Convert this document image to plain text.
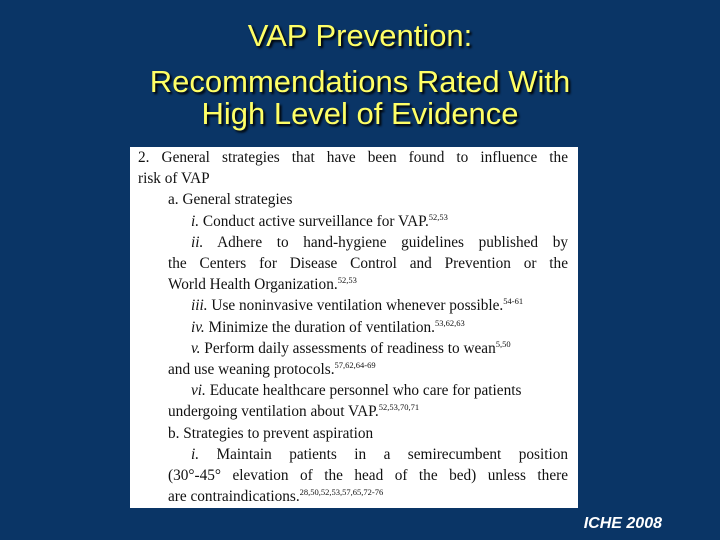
VAP Prevention:
Recommendations Rated With
High Level of Evidence
2. General strategies that have been found to influence the
risk of VAP
a. General strategies
i. Conduct active surveillance for VAP.$^{52,53}$
ii. Adhere to hand-hygiene guidelines published by
the Centers for Disease Control and Prevention or the
World Health Organization.$^{52,53}$
iii. Use noninvasive ventilation whenever possible.$^{54-61}$
iv. Minimize the duration of ventilation.$^{53,62,63}$
v. Perform daily assessments of readiness to wean$^{5,50}$
and use weaning protocols.$^{57,62,64-69}$
vi. Educate healthcare personnel who care for patients
undergoing ventilation about VAP.$^{52,53,70,71}$
b. Strategies to prevent aspiration
i. Maintain patients in a semirecumbent position
(30°-45° elevation of the head of the bed) unless there
are contraindications.$^{28,50,52,53,57,65,72-76}$
ICHE 2008
